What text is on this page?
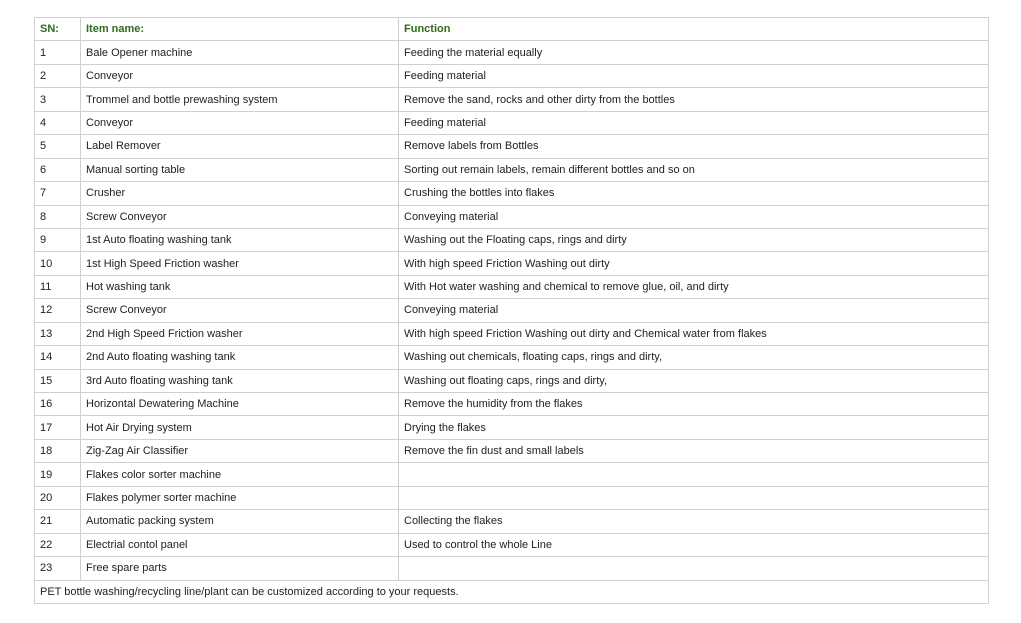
SN:	Item name:	Function
1	Bale Opener machine	Feeding the material equally
2	Conveyor	Feeding material
3	Trommel and bottle prewashing system	Remove the sand, rocks and other dirty from the bottles
4	Conveyor	Feeding material
5	Label Remover	Remove labels from Bottles
6	Manual sorting table	Sorting out remain labels, remain different bottles and so on
7	Crusher	Crushing the bottles into flakes
8	Screw Conveyor	Conveying material
9	1st Auto floating washing tank	Washing out the Floating caps, rings and dirty
10	1st High Speed Friction washer	With high speed Friction Washing out dirty
11	Hot washing tank	With Hot water washing and chemical to remove glue, oil, and dirty
12	Screw Conveyor	Conveying material
13	2nd High Speed Friction washer	With high speed Friction Washing out dirty and Chemical water from flakes
14	2nd Auto floating washing tank	Washing out chemicals, floating caps, rings and dirty,
15	3rd Auto floating washing tank	Washing out floating caps, rings and dirty,
16	Horizontal Dewatering Machine	Remove the humidity from the flakes
17	Hot Air Drying system	Drying the flakes
18	Zig-Zag Air Classifier	Remove the fin dust and small labels
19	Flakes color sorter machine	
20	Flakes polymer sorter machine	
21	Automatic packing system	Collecting the flakes
22	Electrial contol panel	Used to control the whole Line
23	Free spare parts	
PET bottle washing/recycling line/plant can be customized according to your requests.		
